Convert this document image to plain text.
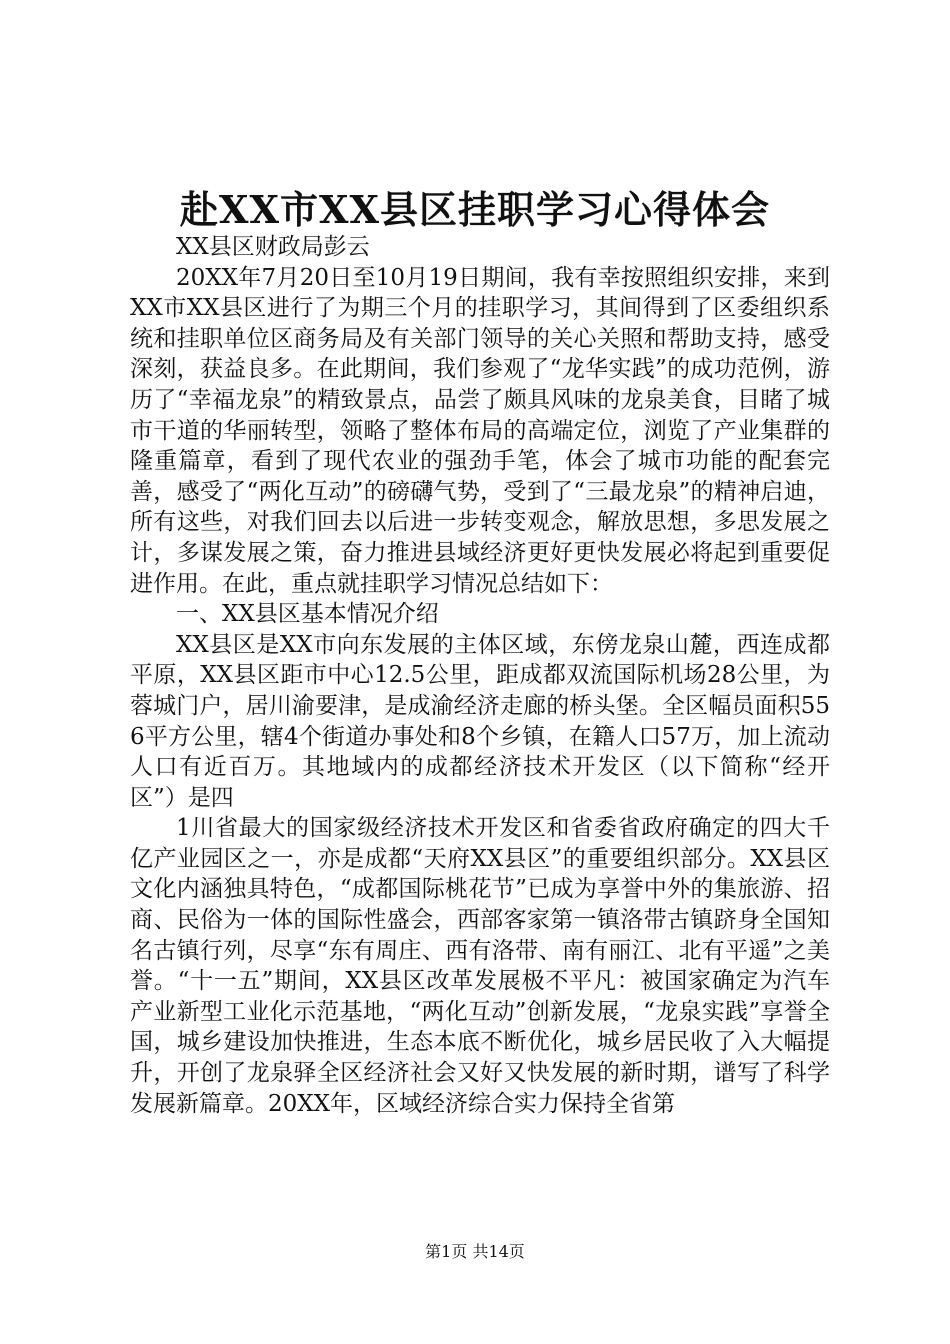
赴XX市XX县区挂职学习心得体会

XX县区财政局彭云

20XX年7月20日至10月19日期间，我有幸按照组织安排，来到XX市XX县区进行了为期三个月的挂职学习，其间得到了区委组织系统和挂职单位区商务局及有关部门领导的关心关照和帮助支持，感受深刻，获益良多。在此期间，我们参观了“龙华实践”的成功范例，游历了“幸福龙泉”的精致景点，品尝了颇具风味的龙泉美食，目睹了城市干道的华丽转型，领略了整体布局的高端定位，浏览了产业集群的隆重篇章，看到了现代农业的强劲手笔，体会了城市功能的配套完善，感受了“两化互动”的磅礴气势，受到了“三最龙泉”的精神启迪，所有这些，对我们回去以后进一步转变观念，解放思想，多思发展之计，多谋发展之策，奋力推进县域经济更好更快发展必将起到重要促进作用。在此，重点就挂职学习情况总结如下：

一、XX县区基本情况介绍

XX县区是XX市向东发展的主体区域，东傍龙泉山麓，西连成都平原，XX县区距市中心12.5公里，距成都双流国际机场28公里，为蓉城门户，居川渝要津，是成渝经济走廊的桥头堡。全区幅员面积556平方公里，辖4个街道办事处和8个乡镇，在籍人口57万，加上流动人口有近百万。其地域内的成都经济技术开发区（以下简称“经开区”）是四

1川省最大的国家级经济技术开发区和省委省政府确定的四大千亿产业园区之一，亦是成都“天府XX县区”的重要组织部分。XX县区文化内涵独具特色，“成都国际桃花节”已成为享誉中外的集旅游、招商、民俗为一体的国际性盛会，西部客家第一镇洛带古镇跻身全国知名古镇行列，尽享“东有周庄、西有洛带、南有丽江、北有平遥”之美誉。“十一五”期间，XX县区改革发展极不平凡：被国家确定为汽车产业新型工业化示范基地，“两化互动”创新发展，“龙泉实践”享誉全国，城乡建设加快推进，生态本底不断优化，城乡居民收了入大幅提升，开创了龙泉驿全区经济社会又好又快发展的新时期，谱写了科学发展新篇章。20XX年，区域经济综合实力保持全省第

第1页 共14页
